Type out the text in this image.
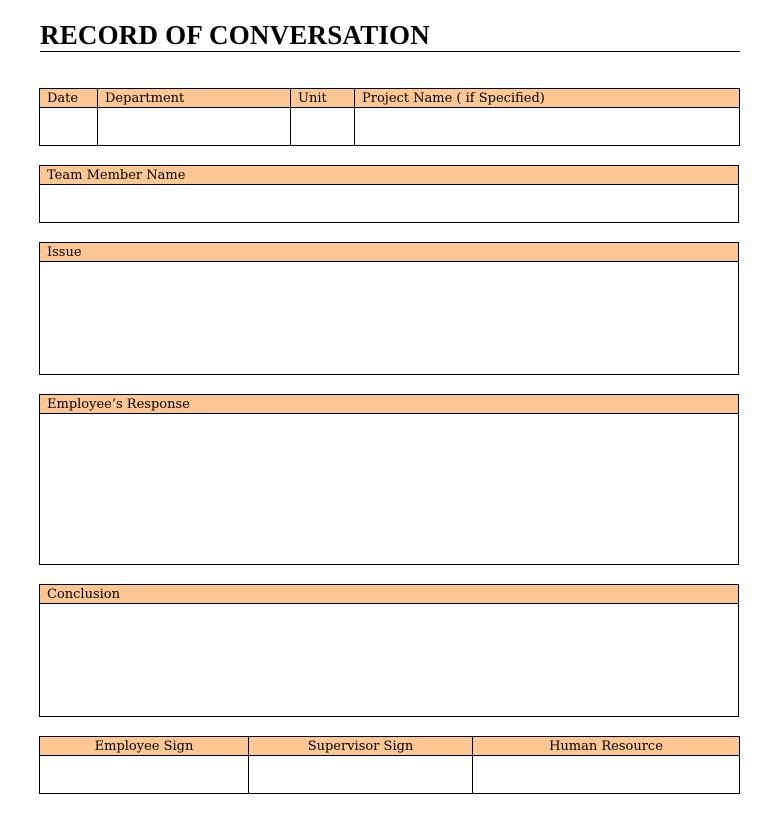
RECORD OF CONVERSATION
Date	Department	Unit	Project Name ( if Specified)

Team Member Name

Issue

Employee’s Response

Conclusion

Employee Sign	Supervisor Sign	Human Resource
